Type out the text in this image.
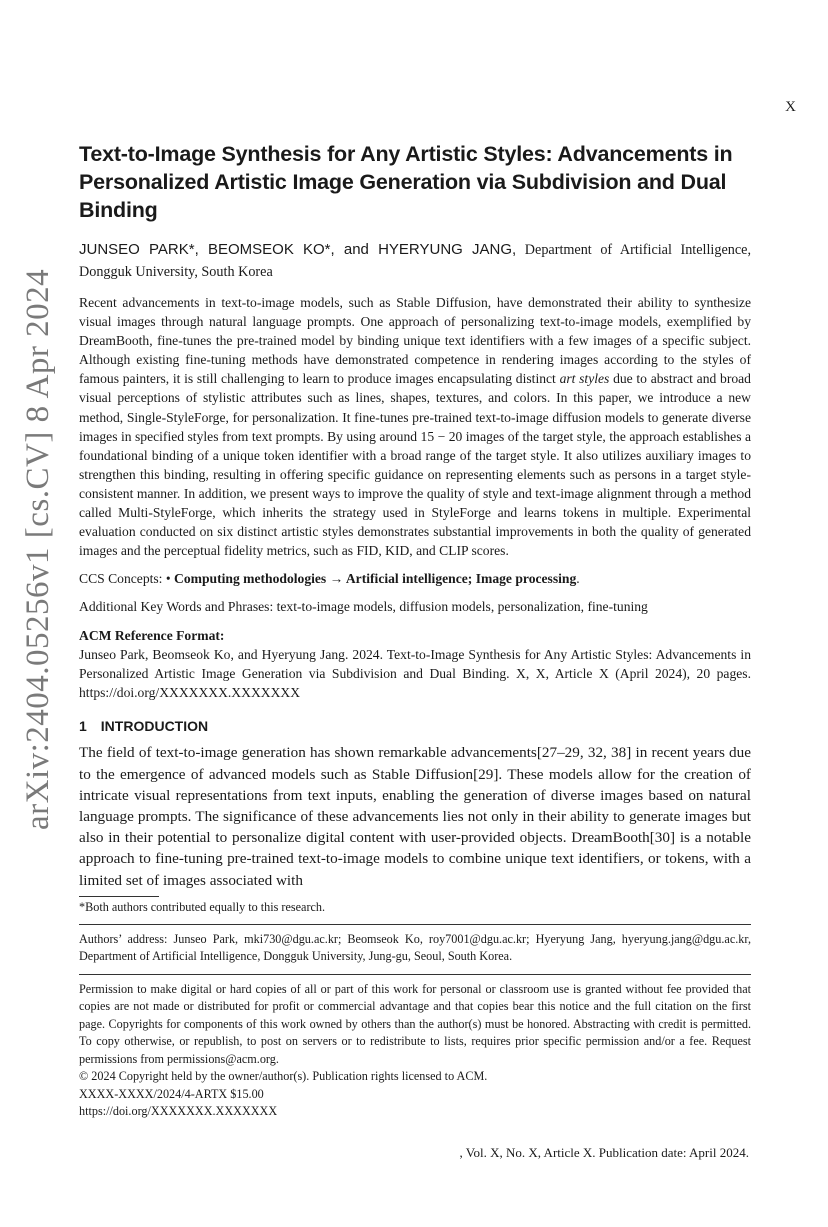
X
arXiv:2404.05256v1 [cs.CV] 8 Apr 2024
Text-to-Image Synthesis for Any Artistic Styles: Advancements in Personalized Artistic Image Generation via Subdivision and Dual Binding
JUNSEO PARK*, BEOMSEOK KO*, and HYERYUNG JANG, Department of Artificial Intelligence, Dongguk University, South Korea
Recent advancements in text-to-image models, such as Stable Diffusion, have demonstrated their ability to synthesize visual images through natural language prompts. One approach of personalizing text-to-image models, exemplified by DreamBooth, fine-tunes the pre-trained model by binding unique text identifiers with a few images of a specific subject. Although existing fine-tuning methods have demonstrated competence in rendering images according to the styles of famous painters, it is still challenging to learn to produce images encapsulating distinct art styles due to abstract and broad visual perceptions of stylistic attributes such as lines, shapes, textures, and colors. In this paper, we introduce a new method, Single-StyleForge, for personalization. It fine-tunes pre-trained text-to-image diffusion models to generate diverse images in specified styles from text prompts. By using around 15 − 20 images of the target style, the approach establishes a foundational binding of a unique token identifier with a broad range of the target style. It also utilizes auxiliary images to strengthen this binding, resulting in offering specific guidance on representing elements such as persons in a target style-consistent manner. In addition, we present ways to improve the quality of style and text-image alignment through a method called Multi-StyleForge, which inherits the strategy used in StyleForge and learns tokens in multiple. Experimental evaluation conducted on six distinct artistic styles demonstrates substantial improvements in both the quality of generated images and the perceptual fidelity metrics, such as FID, KID, and CLIP scores.
CCS Concepts: • Computing methodologies → Artificial intelligence; Image processing.
Additional Key Words and Phrases: text-to-image models, diffusion models, personalization, fine-tuning
ACM Reference Format:
Junseo Park, Beomseok Ko, and Hyeryung Jang. 2024. Text-to-Image Synthesis for Any Artistic Styles: Advancements in Personalized Artistic Image Generation via Subdivision and Dual Binding. X, X, Article X (April 2024), 20 pages. https://doi.org/XXXXXXX.XXXXXXX
1 INTRODUCTION
The field of text-to-image generation has shown remarkable advancements[27–29, 32, 38] in recent years due to the emergence of advanced models such as Stable Diffusion[29]. These models allow for the creation of intricate visual representations from text inputs, enabling the generation of diverse images based on natural language prompts. The significance of these advancements lies not only in their ability to generate images but also in their potential to personalize digital content with user-provided objects. DreamBooth[30] is a notable approach to fine-tuning pre-trained text-to-image models to combine unique text identifiers, or tokens, with a limited set of images associated with
*Both authors contributed equally to this research.
Authors’ address: Junseo Park, mki730@dgu.ac.kr; Beomseok Ko, roy7001@dgu.ac.kr; Hyeryung Jang, hyeryung.jang@dgu.ac.kr, Department of Artificial Intelligence, Dongguk University, Jung-gu, Seoul, South Korea.
Permission to make digital or hard copies of all or part of this work for personal or classroom use is granted without fee provided that copies are not made or distributed for profit or commercial advantage and that copies bear this notice and the full citation on the first page. Copyrights for components of this work owned by others than the author(s) must be honored. Abstracting with credit is permitted. To copy otherwise, or republish, to post on servers or to redistribute to lists, requires prior specific permission and/or a fee. Request permissions from permissions@acm.org.
© 2024 Copyright held by the owner/author(s). Publication rights licensed to ACM.
XXXX-XXXX/2024/4-ARTX $15.00
https://doi.org/XXXXXXX.XXXXXXX
, Vol. X, No. X, Article X. Publication date: April 2024.
